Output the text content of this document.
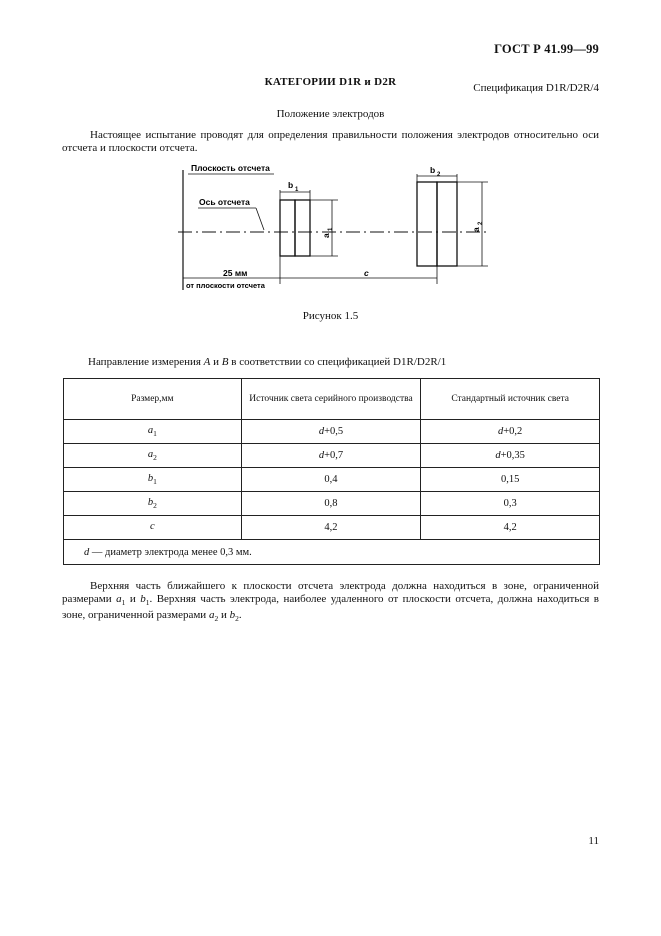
ГОСТ Р 41.99—99
КАТЕГОРИИ D1R и D2R	Спецификация D1R/D2R/4
Положение электродов

Настоящее испытание проводят для определения правильности положения электродов относительно оси отсчета и плоскости отсчета.

Плоскость отсчета
Ось отсчета
b 1
b 2
a
1	a
2
25 мм
от плоскости отсчета
c
Рисунок 1.5
Направление измерения A и B в соответствии со спецификацией D1R/D2R/1
Размер,мм	Источник света серийного производства	Стандартный источник света
$a_1$	d+0,5	d+0,2
$a_2$	d+0,7	d+0,35
$b_1$	0,4	0,15
$b_2$	0,8	0,3
c	4,2	4,2
d — диаметр электрода менее 0,3 мм.		

Верхняя часть ближайшего к плоскости отсчета электрода должна находиться в зоне, ограниченной размерами $a_1$ и $b_1$. Верхняя часть электрода, наиболее удаленного от плоскости отсчета, должна находиться в зоне, ограниченной размерами $a_2$ и $b_2$.

11
